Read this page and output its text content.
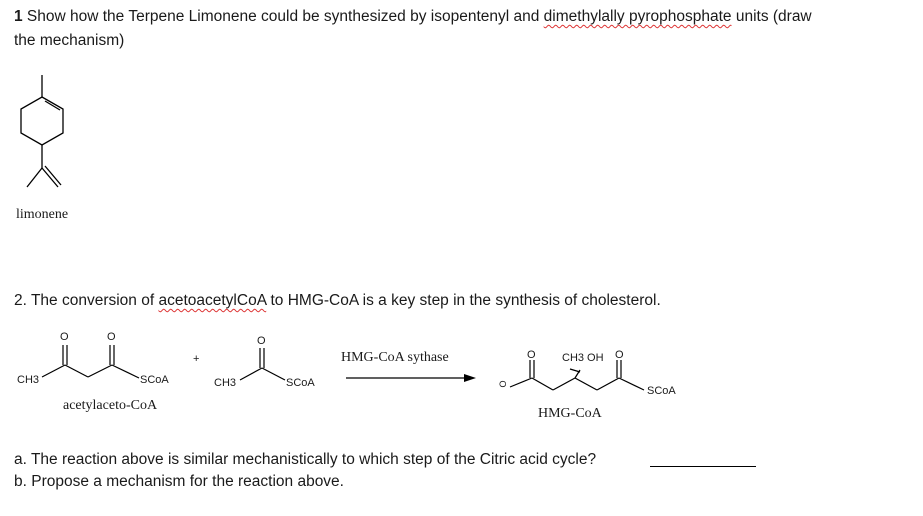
1 Show how the Terpene Limonene could be synthesized by isopentenyl and dimethylally pyrophosphate units (draw
the mechanism)
limonene
2. The conversion of acetoacetylCoA to HMG-CoA is a key step in the synthesis of cholesterol.
O	O
CH3	SCoA
acetylaceto-CoA
+
O
CH3	SCoA
HMG-CoA sythase	O CH3 OH O
O
SCoA
HMG-CoA
a. The reaction above is similar mechanistically to which step of the Citric acid cycle?
b. Propose a mechanism for the reaction above.
